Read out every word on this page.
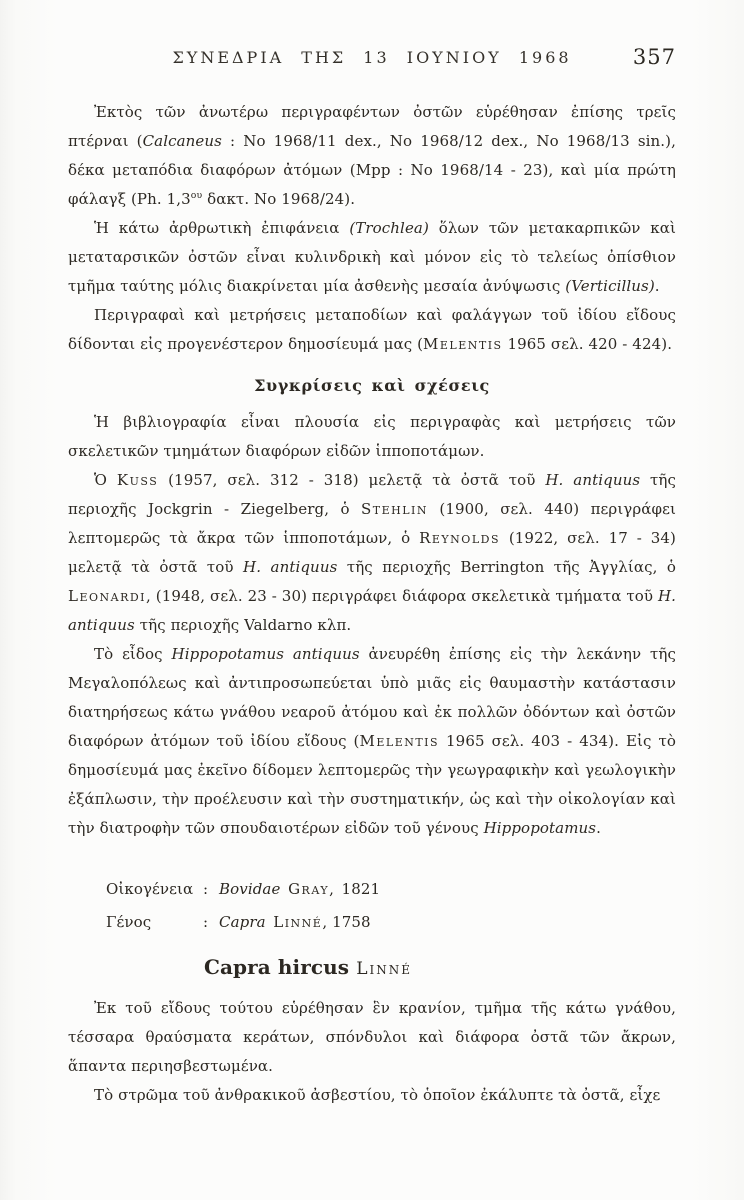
ΣΥΝΕΔΡΙΑ ΤΗΣ 13 ΙΟΥΝΙΟΥ 1968	357

Ἐκτὸς τῶν ἀνωτέρω περιγραφέντων ὀστῶν εὑρέθησαν ἐπίσης τρεῖς πτέρναι (Calcaneus : No 1968/11 dex., No 1968/12 dex., No 1968/13 sin.), δέκα μεταπόδια διαφόρων ἀτόμων (Mpp : No 1968/14 - 23), καὶ μία πρώτη φάλαγξ (Ph. $1,3^{o\upsilon}$ δακτ. No 1968/24).

Ἡ κάτω ἀρθρωτικὴ ἐπιφάνεια (Trochlea) ὅλων τῶν μετακαρπικῶν καὶ μεταταρσικῶν ὀστῶν εἶναι κυλινδρικὴ καὶ μόνον εἰς τὸ τελείως ὀπίσθιον τμῆμα ταύτης μόλις διακρίνεται μία ἀσθενὴς μεσαία ἀνύψωσις (Verticillus).

Περιγραφαὶ καὶ μετρήσεις μεταποδίων καὶ φαλάγγων τοῦ ἰδίου εἴδους δίδονται εἰς προγενέστερον δημοσίευμά μας (Melentis 1965 σελ. 420 - 424).

Συγκρίσεις καὶ σχέσεις

Ἡ βιβλιογραφία εἶναι πλουσία εἰς περιγραφὰς καὶ μετρήσεις τῶν σκελετικῶν τμημάτων διαφόρων εἰδῶν ἱπποποτάμων.

Ὁ Kuss (1957, σελ. 312 - 318) μελετᾷ τὰ ὀστᾶ τοῦ H. antiquus τῆς περιοχῆς Jockgrin - Ziegelberg, ὁ Stehlin (1900, σελ. 440) περιγράφει λεπτομερῶς τὰ ἄκρα τῶν ἱπποποτάμων, ὁ Reynolds (1922, σελ. 17 - 34) μελετᾷ τὰ ὀστᾶ τοῦ H. antiquus τῆς περιοχῆς Berrington τῆς Ἀγγλίας, ὁ Leonardi, (1948, σελ. 23 - 30) περιγράφει διάφορα σκελετικὰ τμήματα τοῦ H. antiquus τῆς περιοχῆς Valdarno κλπ.

Τὸ εἶδος Hippopotamus antiquus ἀνευρέθη ἐπίσης εἰς τὴν λεκάνην τῆς Μεγαλοπόλεως καὶ ἀντιπροσωπεύεται ὑπὸ μιᾶς εἰς θαυμαστὴν κατάστασιν διατηρήσεως κάτω γνάθου νεαροῦ ἀτόμου καὶ ἐκ πολλῶν ὀδόντων καὶ ὀστῶν διαφόρων ἀτόμων τοῦ ἰδίου εἴδους (Melentis 1965 σελ. 403 - 434). Εἰς τὸ δημοσίευμά μας ἐκεῖνο δίδομεν λεπτομερῶς τὴν γεωγραφικὴν καὶ γεωλογικὴν ἐξάπλωσιν, τὴν προέλευσιν καὶ τὴν συστηματικήν, ὡς καὶ τὴν οἰκολογίαν καὶ τὴν διατροφὴν τῶν σπουδαιοτέρων εἰδῶν τοῦ γένους Hippopotamus.

Οἰκογένεια : Bovidae  Gray, 1821
Γένος	: Capra  Linné, 1758
Capra hircus Linné

Ἐκ τοῦ εἴδους τούτου εὑρέθησαν ἓν κρανίον, τμῆμα τῆς κάτω γνάθου, τέσσαρα θραύσματα κεράτων, σπόνδυλοι καὶ διάφορα ὀστᾶ τῶν ἄκρων, ἅπαντα περιησβεστωμένα.

Τὸ στρῶμα τοῦ ἀνθρακικοῦ ἀσβεστίου, τὸ ὁποῖον ἐκάλυπτε τὰ ὀστᾶ, εἶχε
